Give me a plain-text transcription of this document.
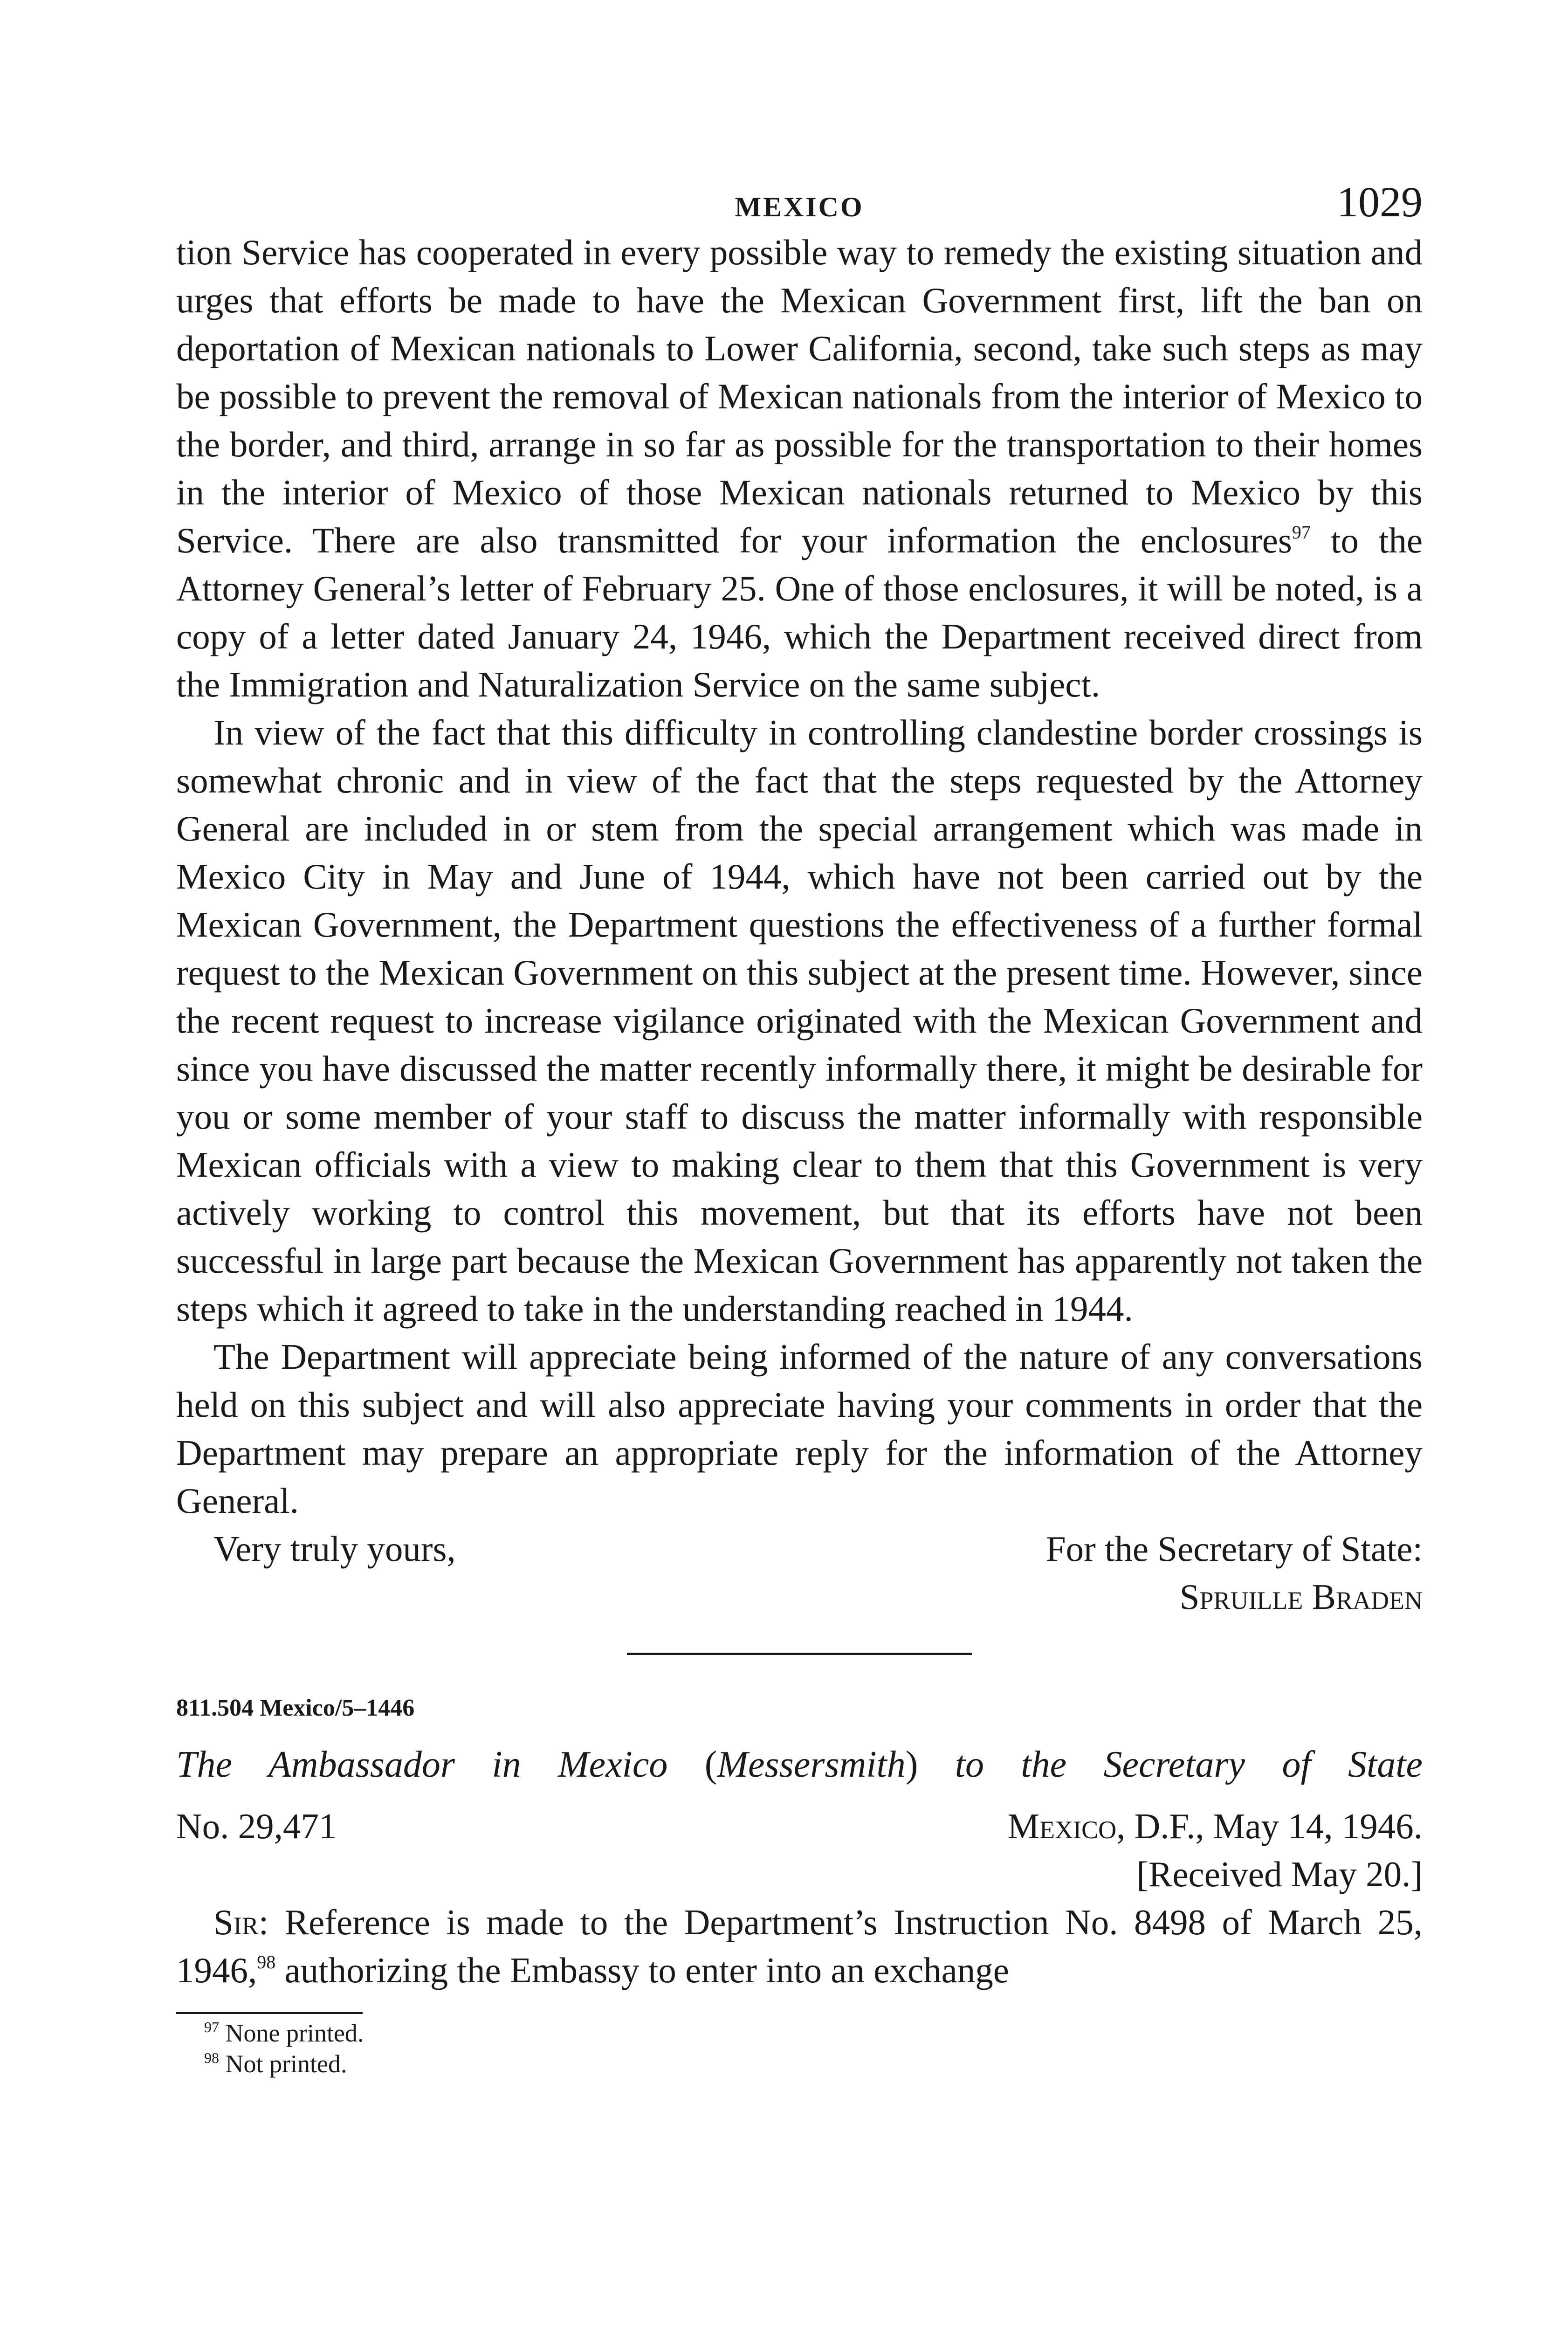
MEXICO	1029

tion Service has cooperated in every possible way to remedy the existing situation and urges that efforts be made to have the Mexican Government first, lift the ban on deportation of Mexican nationals to Lower California, second, take such steps as may be possible to prevent the removal of Mexican nationals from the interior of Mexico to the border, and third, arrange in so far as possible for the transportation to their homes in the interior of Mexico of those Mexican nationals returned to Mexico by this Service. There are also transmitted for your information the enclosures$^{97}$ to the Attorney General’s letter of February 25. One of those enclosures, it will be noted, is a copy of a letter dated January 24, 1946, which the Department received direct from the Immigration and Naturalization Service on the same subject.

In view of the fact that this difficulty in controlling clandestine border crossings is somewhat chronic and in view of the fact that the steps requested by the Attorney General are included in or stem from the special arrangement which was made in Mexico City in May and June of 1944, which have not been carried out by the Mexican Government, the Department questions the effectiveness of a further formal request to the Mexican Government on this subject at the present time. However, since the recent request to increase vigilance originated with the Mexican Government and since you have discussed the matter recently informally there, it might be desirable for you or some member of your staff to discuss the matter informally with responsible Mexican officials with a view to making clear to them that this Government is very actively working to control this movement, but that its efforts have not been successful in large part because the Mexican Government has apparently not taken the steps which it agreed to take in the understanding reached in 1944.

The Department will appreciate being informed of the nature of any conversations held on this subject and will also appreciate having your comments in order that the Department may prepare an appropriate reply for the information of the Attorney General.

Very truly yours,	For the Secretary of State:
Spruille Braden
811.504 Mexico/5–1446
The Ambassador in Mexico (Messersmith) to the Secretary of State
No. 29,471	Mexico, D.F., May 14, 1946.
[Received May 20.]

Sir: Reference is made to the Department’s Instruction No. 8498 of March 25, 1946,98 authorizing the Embassy to enter into an exchange

$^{97}$ None printed.
$^{98}$ Not printed.
